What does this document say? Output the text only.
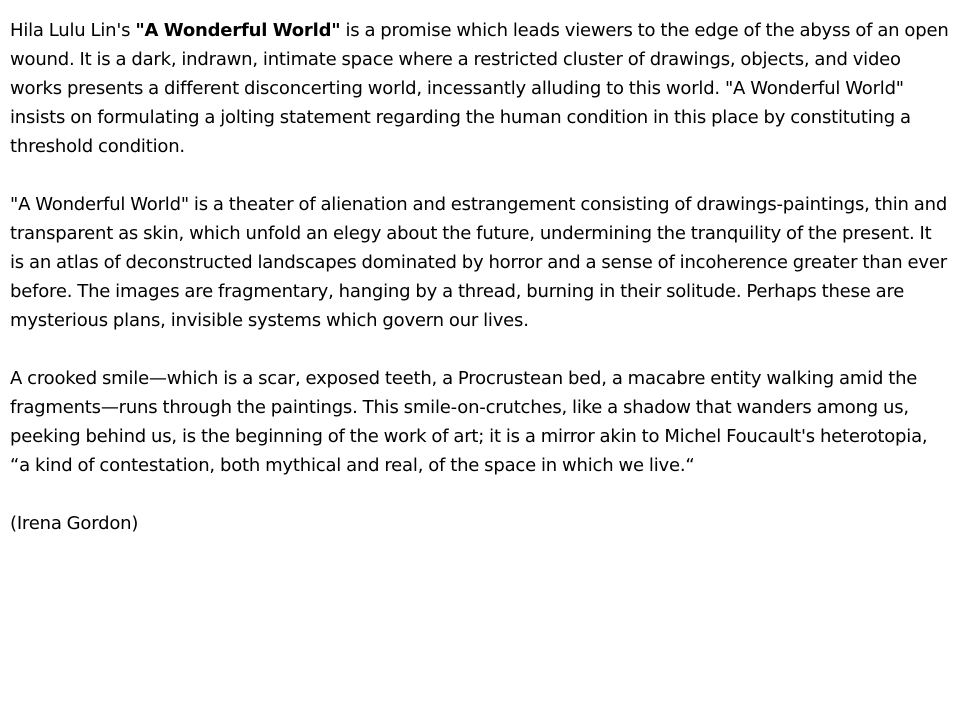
Hila Lulu Lin's "A Wonderful World" is a promise which leads viewers to the edge of the abyss of an open wound. It is a dark, indrawn, intimate space where a restricted cluster of drawings, objects, and video works presents a different disconcerting world, incessantly alluding to this world. "A Wonderful World" insists on formulating a jolting statement regarding the human condition in this place by constituting a threshold condition.

"A Wonderful World" is a theater of alienation and estrangement consisting of drawings-paintings, thin and transparent as skin, which unfold an elegy about the future, undermining the tranquility of the present. It is an atlas of deconstructed landscapes dominated by horror and a sense of incoherence greater than ever before. The images are fragmentary, hanging by a thread, burning in their solitude. Perhaps these are mysterious plans, invisible systems which govern our lives.

A crooked smile—which is a scar, exposed teeth, a Procrustean bed, a macabre entity walking amid the fragments—runs through the paintings. This smile-on-crutches, like a shadow that wanders among us, peeking behind us, is the beginning of the work of art; it is a mirror akin to Michel Foucault's heterotopia,

“a kind of contestation, both mythical and real, of the space in which we live.“

(Irena Gordon)
